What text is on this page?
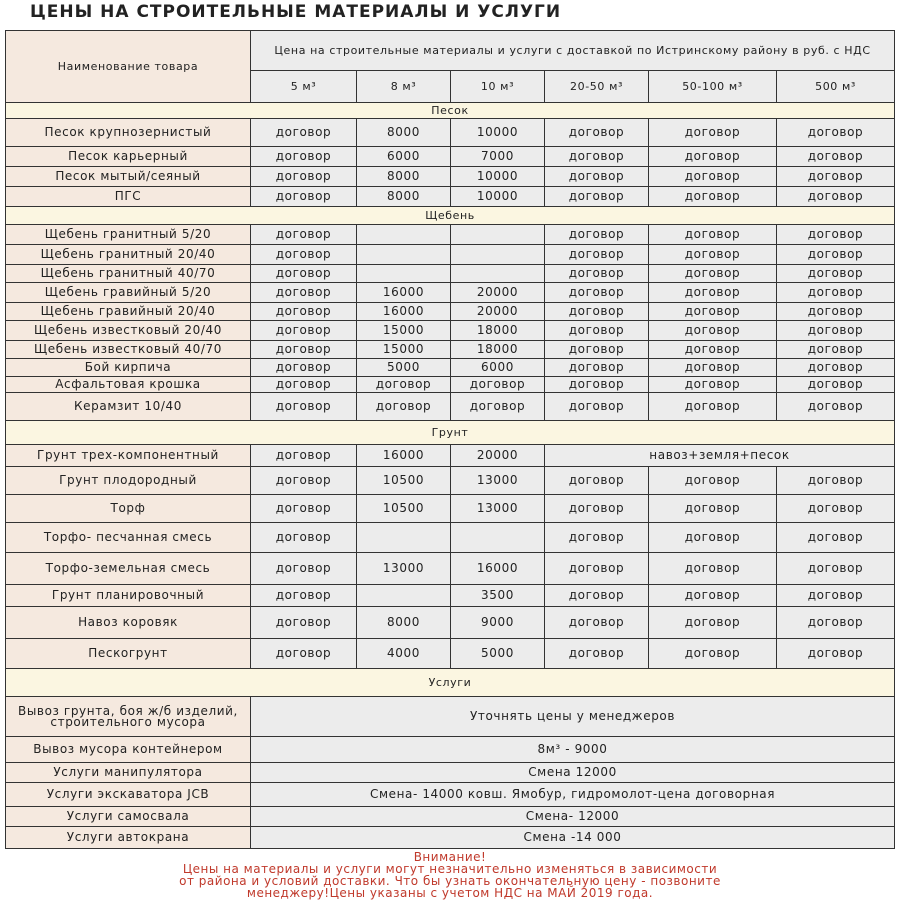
ЦЕНЫ НА СТРОИТЕЛЬНЫЕ МАТЕРИАЛЫ И УСЛУГИ
Наименование товара	Цена на строительные материалы и услуги с доставкой по Истринскому району в руб. с НДС					
	5 м³	8 м³	10 м³	20-50 м³	50-100 м³	500 м³
Песок						
Песок крупнозернистый	договор	8000	10000	договор	договор	договор
Песок карьерный	договор	6000	7000	договор	договор	договор
Песок мытый/сеяный	договор	8000	10000	договор	договор	договор
ПГС	договор	8000	10000	договор	договор	договор
Щебень						
Щебень гранитный 5/20	договор			договор	договор	договор
Щебень гранитный 20/40	договор			договор	договор	договор
Щебень гранитный 40/70	договор			договор	договор	договор
Щебень гравийный 5/20	договор	16000	20000	договор	договор	договор
Щебень гравийный 20/40	договор	16000	20000	договор	договор	договор
Щебень известковый 20/40	договор	15000	18000	договор	договор	договор
Щебень известковый 40/70	договор	15000	18000	договор	договор	договор
Бой кирпича	договор	5000	6000	договор	договор	договор
Асфальтовая крошка	договор	договор	договор	договор	договор	договор
Керамзит 10/40	договор	договор	договор	договор	договор	договор
Грунт						
Грунт трех-компонентный	договор	16000	20000	навоз+земля+песок		
Грунт плодородный	договор	10500	13000	договор	договор	договор
Торф	договор	10500	13000	договор	договор	договор
Торфо- песчанная смесь	договор			договор	договор	договор
Торфо-земельная смесь	договор	13000	16000	договор	договор	договор
Грунт планировочный	договор		3500	договор	договор	договор
Навоз коровяк	договор	8000	9000	договор	договор	договор
Пескогрунт	договор	4000	5000	договор	договор	договор
Услуги						
Вывоз грунта, боя ж/б изделий, строительного мусора	Уточнять цены у менеджеров					
Вывоз мусора контейнером	8м³ - 9000					
Услуги манипулятора	Смена 12000					
Услуги экскаватора JCB	Смена- 14000 ковш. Ямобур, гидромолот-цена договорная					
Услуги самосвала	Смена- 12000					
Услуги автокрана	Смена -14 000					
Внимание!
Цены на материалы и услуги могут незначительно изменяться в зависимости
от района и условий доставки. Что бы узнать окончательную цену - позвоните
менеджеру!Цены указаны с учетом НДС на МАЙ 2019 года.
